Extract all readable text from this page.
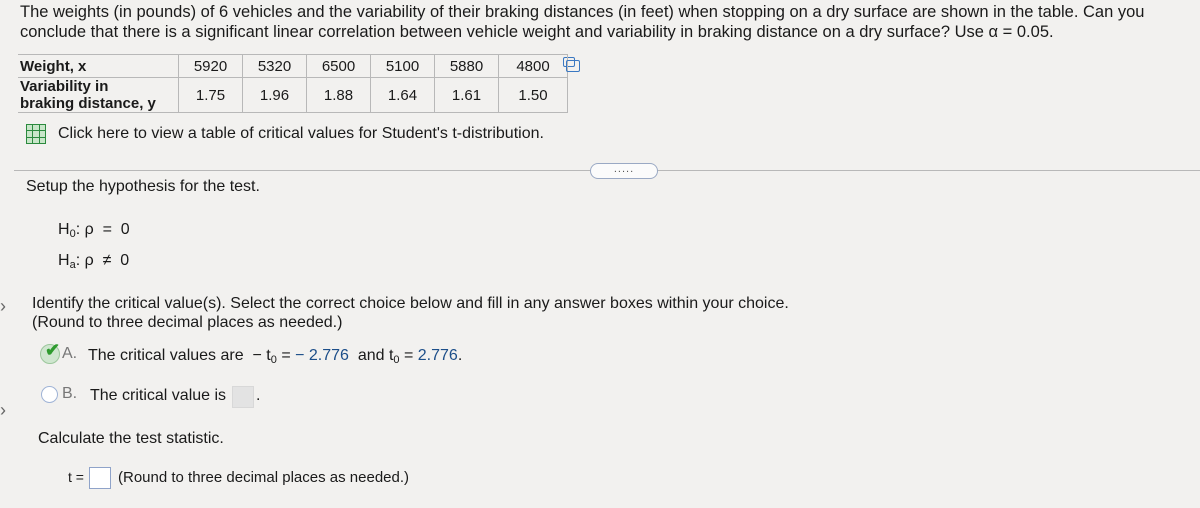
The weights (in pounds) of 6 vehicles and the variability of their braking distances (in feet) when stopping on a dry surface are shown in the table. Can you conclude that there is a significant linear correlation between vehicle weight and variability in braking distance on a dry surface? Use α = 0.05.
Weight, x	5920	5320	6500	5100	5880	4800

Variability in
braking distance, y	1.75	1.96	1.88	1.64	1.61	1.50
Click here to view a table of critical values for Student's t-distribution.
.....
Setup the hypothesis for the test.
$H_0$: ρ  =  0
$H_a$: ρ  ≠  0
› Identify the critical value(s). Select the correct choice below and fill in any answer boxes within your choice.
(Round to three decimal places as needed.)
✔ A. The critical values are  − $t_0$ = − 2.776  and $t_0 = 2.776$.
B. The critical value is .
›
Calculate the test statistic.
t = (Round to three decimal places as needed.)
